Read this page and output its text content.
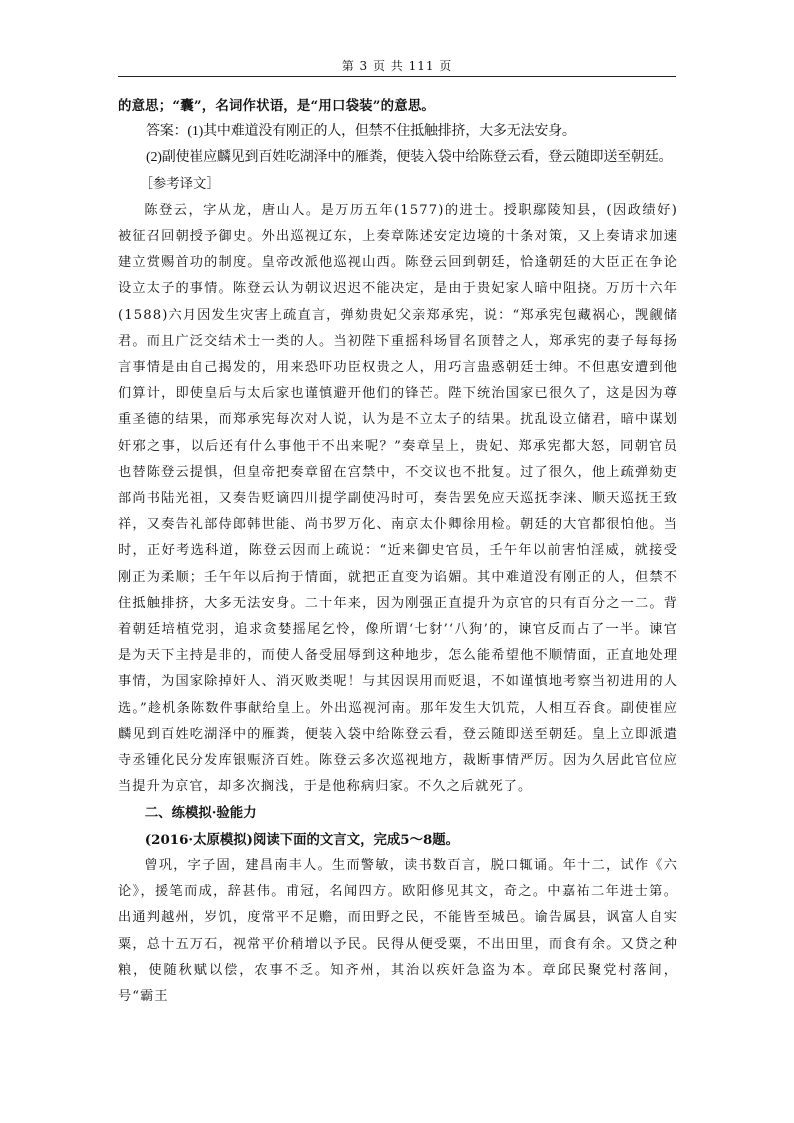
第 3 页 共 111 页

的意思；“囊”，名词作状语，是“用口袋装”的意思。

答案：(1)其中难道没有刚正的人，但禁不住抵触排挤，大多无法安身。

(2)副使崔应麟见到百姓吃湖泽中的雁粪，便装入袋中给陈登云看，登云随即送至朝廷。

［参考译文］

陈登云，字从龙，唐山人。是万历五年(1577)的进士。授职鄢陵知县，(因政绩好)被征召回朝授予御史。外出巡视辽东，上奏章陈述安定边境的十条对策，又上奏请求加速建立赏赐首功的制度。皇帝改派他巡视山西。陈登云回到朝廷，恰逢朝廷的大臣正在争论设立太子的事情。陈登云认为朝议迟迟不能决定，是由于贵妃家人暗中阻挠。万历十六年(1588)六月因发生灾害上疏直言，弹劾贵妃父亲郑承宪，说：“郑承宪包藏祸心，觊觎储君。而且广泛交结术士一类的人。当初陛下重摇科场冒名顶替之人，郑承宪的妻子每每扬言事情是由自己揭发的，用来恐吓功臣权贵之人，用巧言蛊惑朝廷士绅。不但惠安遭到他们算计，即使皇后与太后家也谨慎避开他们的锋芒。陛下统治国家已很久了，这是因为尊重圣德的结果，而郑承宪每次对人说，认为是不立太子的结果。扰乱设立储君，暗中谋划奸邪之事，以后还有什么事他干不出来呢？”奏章呈上，贵妃、郑承宪都大怒，同朝官员也替陈登云提惧，但皇帝把奏章留在宫禁中，不交议也不批复。过了很久，他上疏弹劾吏部尚书陆光祖，又奏告贬谪四川提学副使冯时可，奏告罢免应天巡抚李涞、顺天巡抚王致祥，又奏告礼部侍郎韩世能、尚书罗万化、南京太仆卿徐用检。朝廷的大官都很怕他。当时，正好考选科道，陈登云因而上疏说：“近来御史官员，壬午年以前害怕淫威，就接受刚正为柔顺；壬午年以后拘于情面，就把正直变为谄媚。其中难道没有刚正的人，但禁不住抵触排挤，大多无法安身。二十年来，因为刚强正直提升为京官的只有百分之一二。背着朝廷培植党羽，追求贪婪摇尾乞怜，像所谓‘七豺’‘八狗’的，谏官反而占了一半。谏官是为天下主持是非的，而使人备受屈辱到这种地步，怎么能希望他不顺情面，正直地处理事情，为国家除掉奸人、消灭败类呢！与其因误用而贬退，不如谨慎地考察当初进用的人选。”趁机条陈数件事献给皇上。外出巡视河南。那年发生大饥荒，人相互吞食。副使崔应麟见到百姓吃湖泽中的雁粪，便装入袋中给陈登云看，登云随即送至朝廷。皇上立即派遣寺丞锺化民分发库银赈济百姓。陈登云多次巡视地方，裁断事情严厉。因为久居此官位应当提升为京官，却多次搁浅，于是他称病归家。不久之后就死了。

二、练模拟·验能力

(2016·太原模拟)阅读下面的文言文，完成5～8题。

曾巩，字子固，建昌南丰人。生而警敏，读书数百言，脱口辄诵。年十二，试作《六论》，援笔而成，辞甚伟。甫冠，名闻四方。欧阳修见其文，奇之。中嘉祐二年进士第。出通判越州，岁饥，度常平不足赡，而田野之民，不能皆至城邑。谕告属县，讽富人自实粟，总十五万石，视常平价稍增以予民。民得从便受粟，不出田里，而食有余。又贷之种粮，使随秋赋以偿，农事不乏。知齐州，其治以疾奸急盗为本。章邱民聚党村落间，号“霸王
